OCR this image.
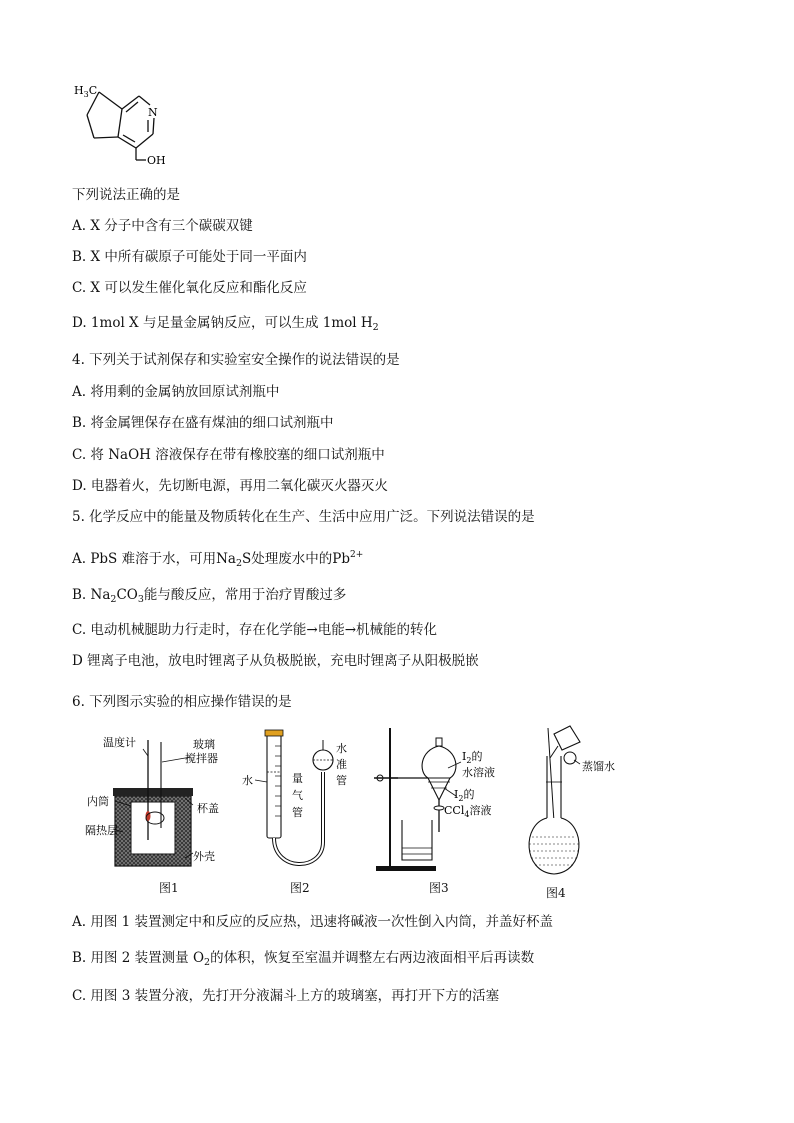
$H_3C$
N
OH
下列说法正确的是
A. X 分子中含有三个碳碳双键
B. X 中所有碳原子可能处于同一平面内
C. X 可以发生催化氧化反应和酯化反应
D. 1mol X 与足量金属钠反应，可以生成 1mol $H_2$
4. 下列关于试剂保存和实验室安全操作的说法错误的是
A. 将用剩的金属钠放回原试剂瓶中
B. 将金属锂保存在盛有煤油的细口试剂瓶中
C. 将 NaOH 溶液保存在带有橡胶塞的细口试剂瓶中
D. 电器着火，先切断电源，再用二氧化碳灭火器灭火
5. 化学反应中的能量及物质转化在生产、生活中应用广泛。下列说法错误的是
A. PbS 难溶于水，可用$Na_2S$处理废水中的$Pb^{2+}$
B. $Na_2CO_3$能与酸反应，常用于治疗胃酸过多
C. 电动机械腿助力行走时，存在化学能→电能→机械能的转化
D 锂离子电池，放电时锂离子从负极脱嵌，充电时锂离子从阳极脱嵌
6. 下列图示实验的相应操作错误的是
温度计	玻璃
搅拌器
内筒
杯盖
隔热层
外壳
图1
水	量
气
管
水
准
管
图2
$I_2$的
水溶液
$I_2$的
CCl$_4$溶液
图3
蒸馏水
图4
A. 用图 1 装置测定中和反应的反应热，迅速将碱液一次性倒入内筒，并盖好杯盖
B. 用图 2 装置测量 $O_2$的体积，恢复至室温并调整左右两边液面相平后再读数
C. 用图 3 装置分液，先打开分液漏斗上方的玻璃塞，再打开下方的活塞
